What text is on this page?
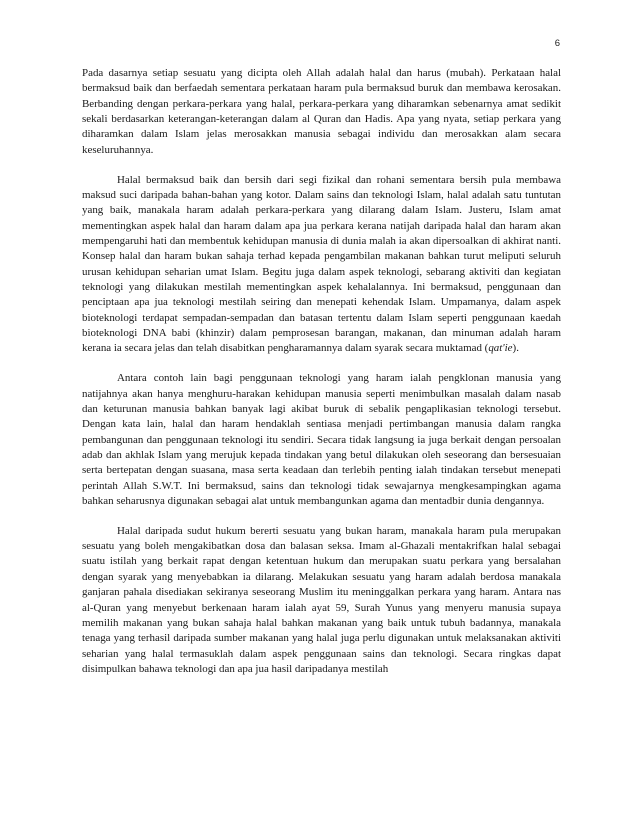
6

Pada dasarnya setiap sesuatu yang dicipta oleh Allah adalah halal dan harus (mubah). Perkataan halal bermaksud baik dan berfaedah sementara perkataan haram pula bermaksud buruk dan membawa kerosakan. Berbanding dengan perkara-perkara yang halal, perkara-perkara yang diharamkan sebenarnya amat sedikit sekali berdasarkan keterangan-keterangan dalam al Quran dan Hadis. Apa yang nyata, setiap perkara yang diharamkan dalam Islam jelas merosakkan manusia sebagai individu dan merosakkan alam secara keseluruhannya.

Halal bermaksud baik dan bersih dari segi fizikal dan rohani sementara bersih pula membawa maksud suci daripada bahan-bahan yang kotor. Dalam sains dan teknologi Islam, halal adalah satu tuntutan yang baik, manakala haram adalah perkara-perkara yang dilarang dalam Islam. Justeru, Islam amat mementingkan aspek halal dan haram dalam apa jua perkara kerana natijah daripada halal dan haram akan mempengaruhi hati dan membentuk kehidupan manusia di dunia malah ia akan dipersoalkan di akhirat nanti. Konsep halal dan haram bukan sahaja terhad kepada pengambilan makanan bahkan turut meliputi seluruh urusan kehidupan seharian umat Islam. Begitu juga dalam aspek teknologi, sebarang aktiviti dan kegiatan teknologi yang dilakukan mestilah mementingkan aspek kehalalannya. Ini bermaksud, penggunaan dan penciptaan apa jua teknologi mestilah seiring dan menepati kehendak Islam. Umpamanya, dalam aspek bioteknologi terdapat sempadan-sempadan dan batasan tertentu dalam Islam seperti penggunaan kaedah bioteknologi DNA babi (khinzir) dalam pemprosesan barangan, makanan, dan minuman adalah haram kerana ia secara jelas dan telah disabitkan pengharamannya dalam syarak secara muktamad (qat'ie).

Antara contoh lain bagi penggunaan teknologi yang haram ialah pengklonan manusia yang natijahnya akan hanya menghuru-harakan kehidupan manusia seperti menimbulkan masalah dalam nasab dan keturunan manusia bahkan banyak lagi akibat buruk di sebalik pengaplikasian teknologi tersebut. Dengan kata lain, halal dan haram hendaklah sentiasa menjadi pertimbangan manusia dalam rangka pembangunan dan penggunaan teknologi itu sendiri. Secara tidak langsung ia juga berkait dengan persoalan adab dan akhlak Islam yang merujuk kepada tindakan yang betul dilakukan oleh seseorang dan bersesuaian serta bertepatan dengan suasana, masa serta keadaan dan terlebih penting ialah tindakan tersebut menepati perintah Allah S.W.T. Ini bermaksud, sains dan teknologi tidak sewajarnya mengkesampingkan agama bahkan seharusnya digunakan sebagai alat untuk membangunkan agama dan mentadbir dunia dengannya.

Halal daripada sudut hukum bererti sesuatu yang bukan haram, manakala haram pula merupakan sesuatu yang boleh mengakibatkan dosa dan balasan seksa. Imam al-Ghazali mentakrifkan halal sebagai suatu istilah yang berkait rapat dengan ketentuan hukum dan merupakan suatu perkara yang bersalahan dengan syarak yang menyebabkan ia dilarang. Melakukan sesuatu yang haram adalah berdosa manakala ganjaran pahala disediakan sekiranya seseorang Muslim itu meninggalkan perkara yang haram. Antara nas al-Quran yang menyebut berkenaan haram ialah ayat 59, Surah Yunus yang menyeru manusia supaya memilih makanan yang bukan sahaja halal bahkan makanan yang baik untuk tubuh badannya, manakala tenaga yang terhasil daripada sumber makanan yang halal juga perlu digunakan untuk melaksanakan aktiviti seharian yang halal termasuklah dalam aspek penggunaan sains dan teknologi. Secara ringkas dapat disimpulkan bahawa teknologi dan apa jua hasil daripadanya mestilah
